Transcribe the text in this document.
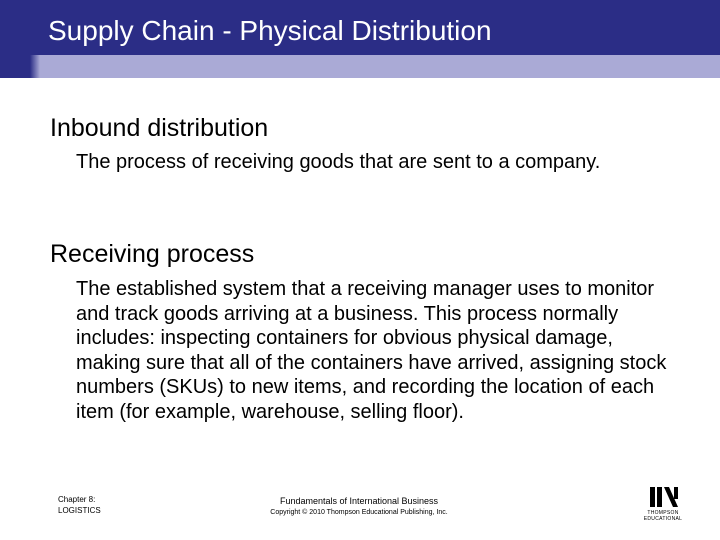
Supply Chain - Physical Distribution
Inbound distribution
The process of receiving goods that are sent to a company.
Receiving process
The established system that a receiving manager uses to monitor and track goods arriving at a business. This process normally includes: inspecting containers for obvious physical damage, making sure that all of the containers have arrived, assigning stock numbers (SKUs) to new items, and recording the location of each item (for example, warehouse, selling floor).
Chapter 8:
LOGISTICS
Fundamentals of International Business
Copyright © 2010 Thompson Educational Publishing, Inc.	THOMPSON
EDUCATIONAL
